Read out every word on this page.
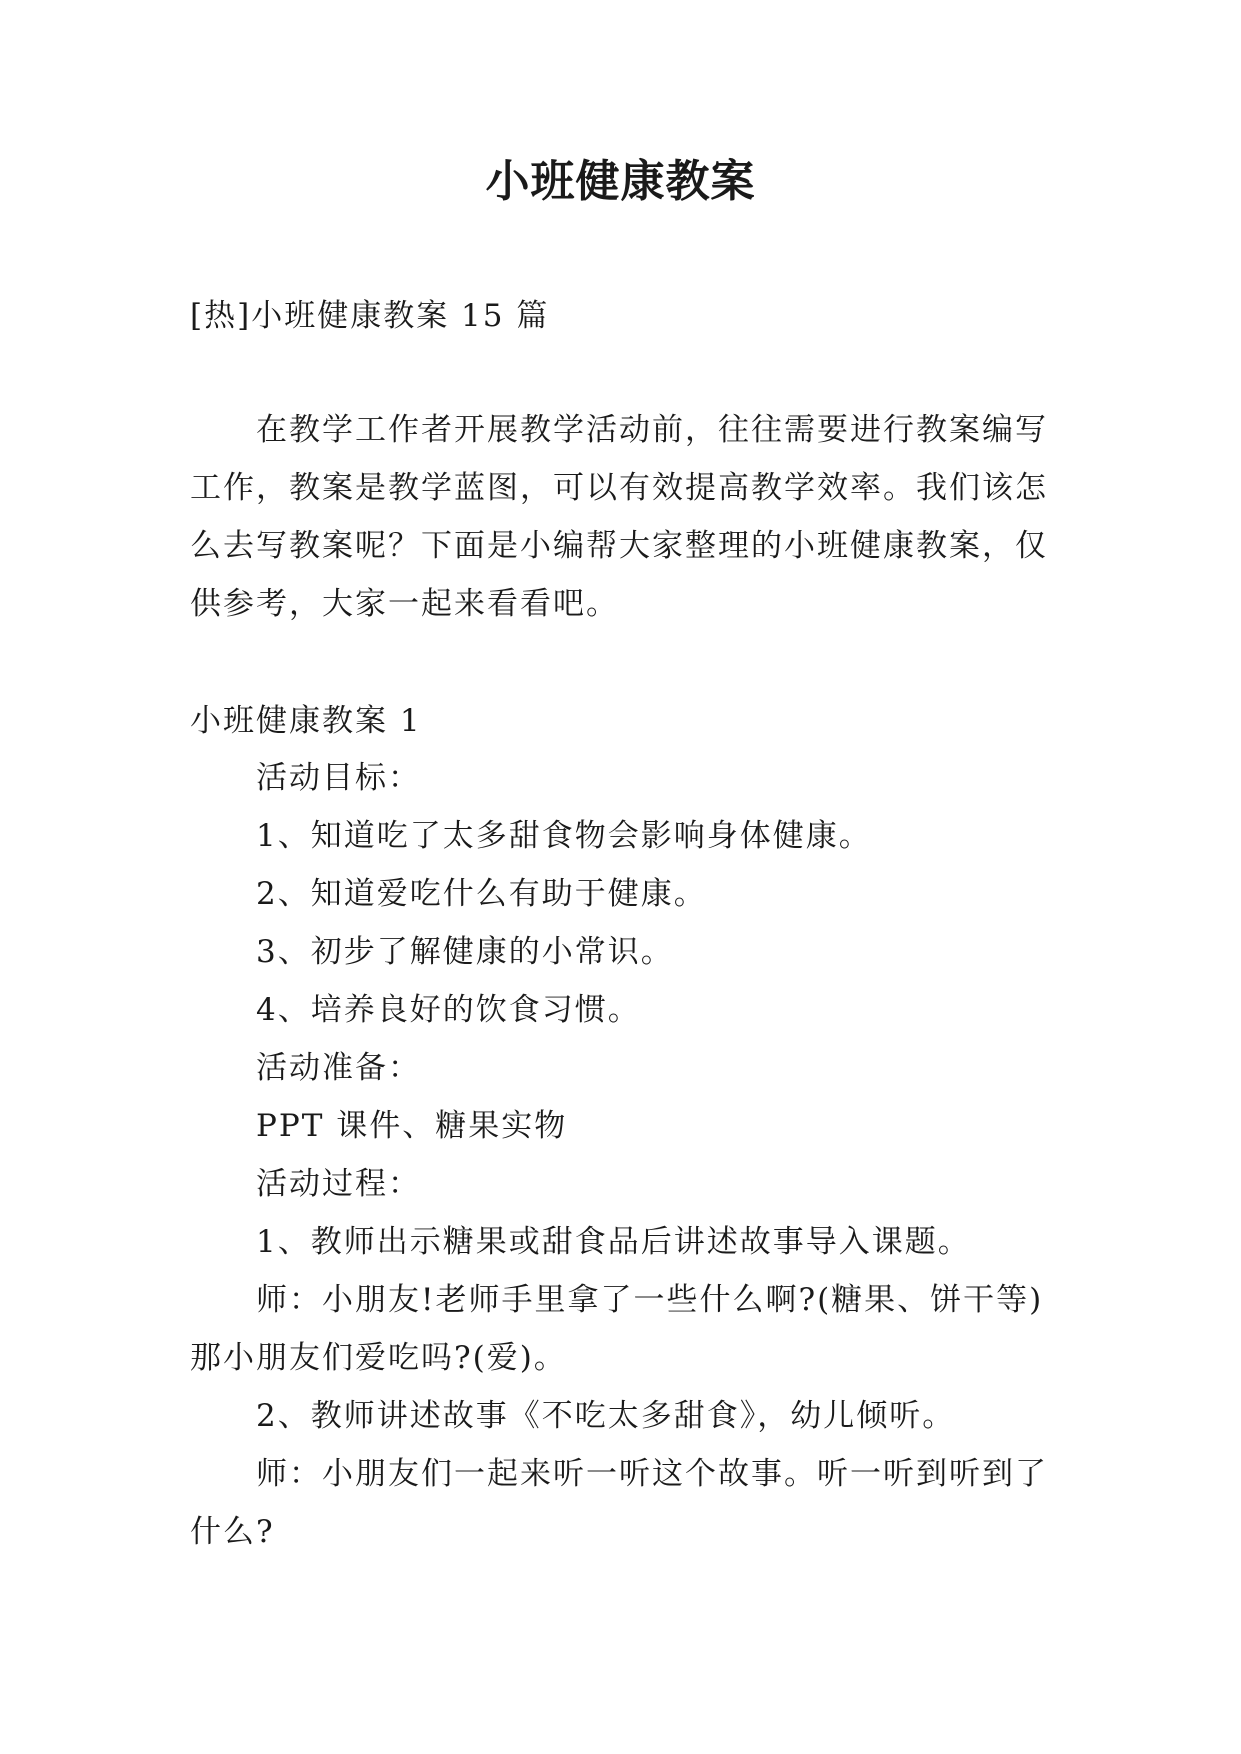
小班健康教案
[热]小班健康教案 15 篇
在教学工作者开展教学活动前，往往需要进行教案编写
工作，教案是教学蓝图，可以有效提高教学效率。我们该怎
么去写教案呢？下面是小编帮大家整理的小班健康教案，仅
供参考，大家一起来看看吧。
小班健康教案 1
活动目标：
1、知道吃了太多甜食物会影响身体健康。
2、知道爱吃什么有助于健康。
3、初步了解健康的小常识。
4、培养良好的饮食习惯。
活动准备：
PPT 课件、糖果实物
活动过程：
1、教师出示糖果或甜食品后讲述故事导入课题。
师：小朋友!老师手里拿了一些什么啊?(糖果、饼干等)
那小朋友们爱吃吗?(爱)。
2、教师讲述故事《不吃太多甜食》，幼儿倾听。
师：小朋友们一起来听一听这个故事。听一听到听到了
什么?
